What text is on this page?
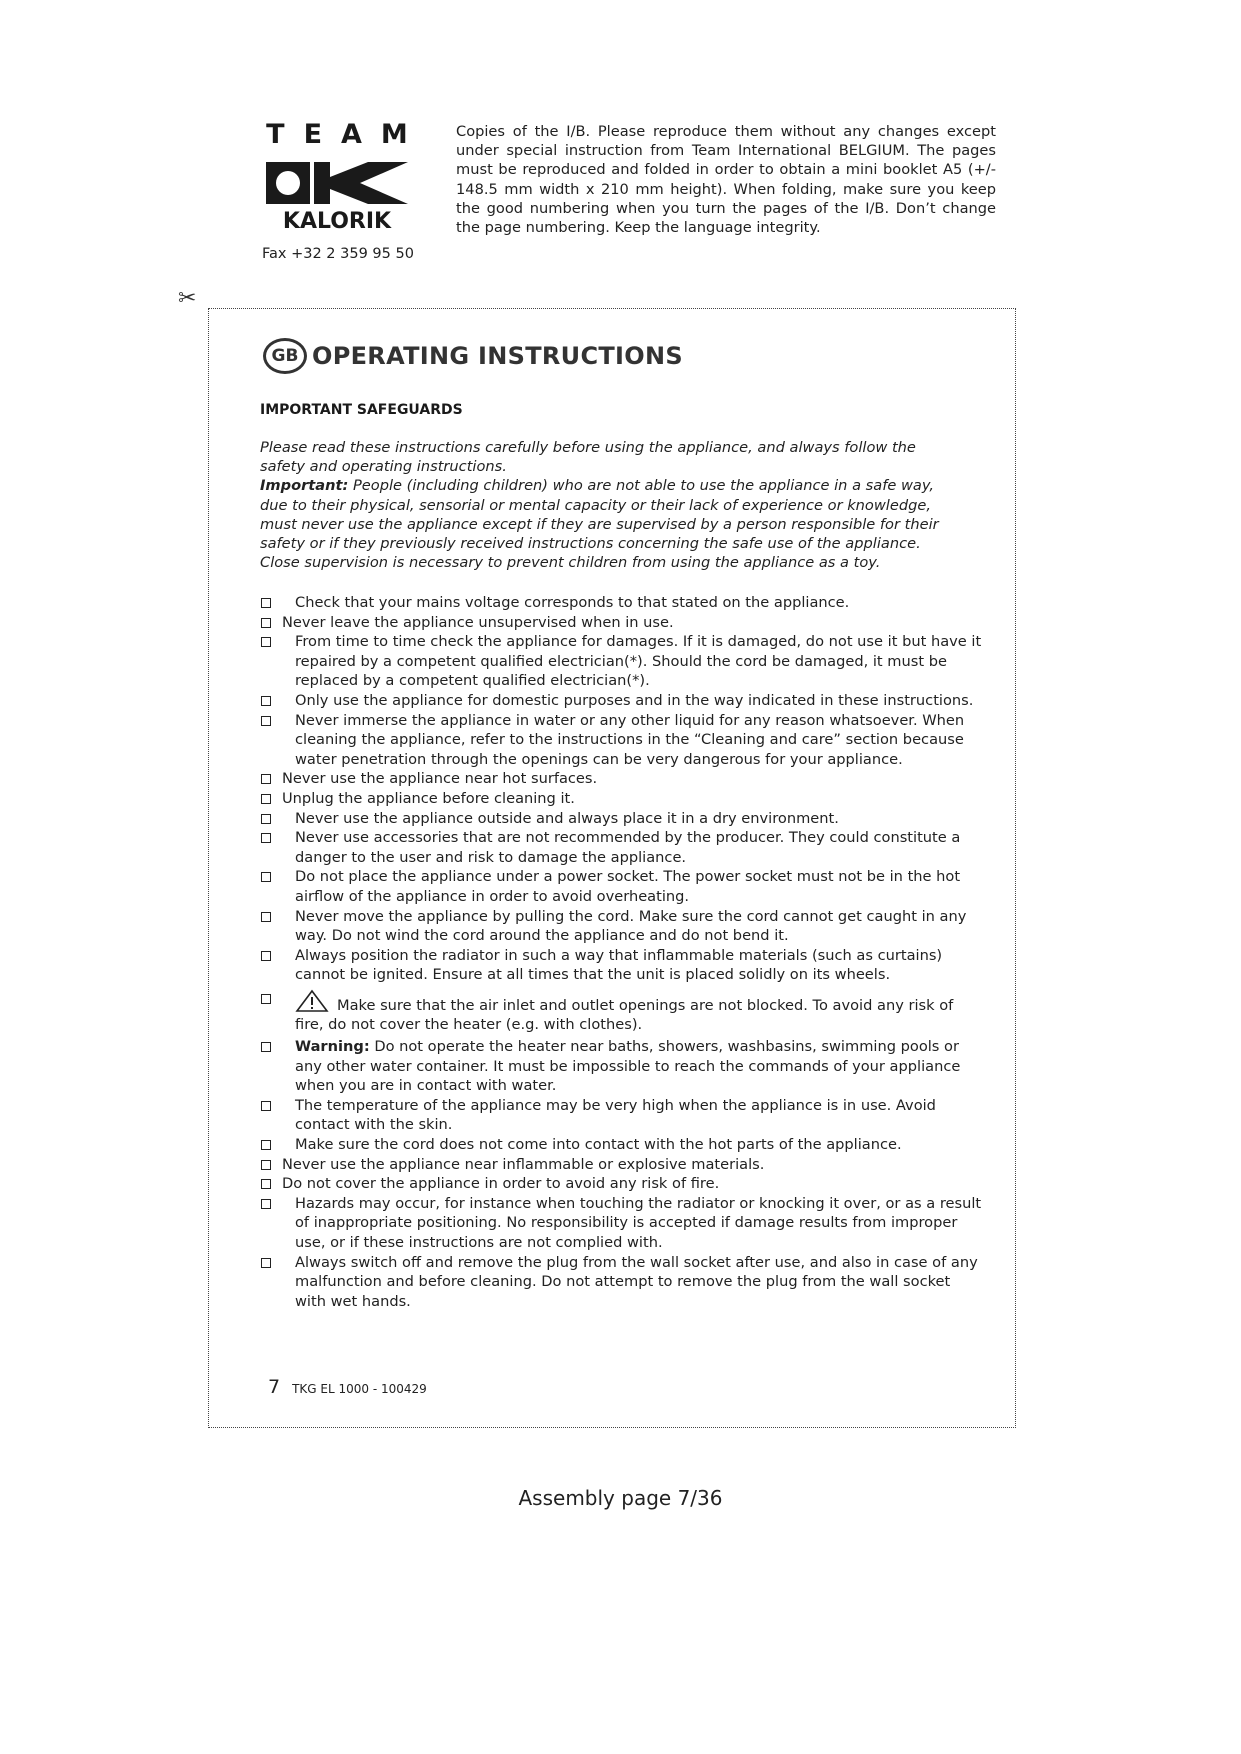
TEAM
KALORIK
Fax +32 2 359 95 50
Copies of the I/B. Please reproduce them without any changes except under special instruction from Team International BELGIUM. The pages must be reproduced and folded in order to obtain a mini booklet A5 (+/- 148.5 mm width x 210 mm height). When folding, make sure you keep the good numbering when you turn the pages of the I/B. Don’t change the page numbering. Keep the language integrity.
✂
GB OPERATING INSTRUCTIONS
IMPORTANT SAFEGUARDS

Please read these instructions carefully before using the appliance, and always follow the safety and operating instructions.

Important: People (including children) who are not able to use the appliance in a safe way, due to their physical, sensorial or mental capacity or their lack of experience or knowledge, must never use the appliance except if they are supervised by a person responsible for their safety or if they previously received instructions concerning the safe use of the appliance. Close supervision is necessary to prevent children from using the appliance as a toy.

Check that your mains voltage corresponds to that stated on the appliance.
Never leave the appliance unsupervised when in use.
From time to time check the appliance for damages. If it is damaged, do not use it but have it repaired by a competent qualified electrician(*). Should the cord be damaged, it must be replaced by a competent qualified electrician(*).
Only use the appliance for domestic purposes and in the way indicated in these instructions.
Never immerse the appliance in water or any other liquid for any reason whatsoever. When cleaning the appliance, refer to the instructions in the “Cleaning and care” section because water penetration through the openings can be very dangerous for your appliance.
Never use the appliance near hot surfaces.
Unplug the appliance before cleaning it.
Never use the appliance outside and always place it in a dry environment.
Never use accessories that are not recommended by the producer. They could constitute a danger to the user and risk to damage the appliance.
Do not place the appliance under a power socket. The power socket must not be in the hot airflow of the appliance in order to avoid overheating.
Never move the appliance by pulling the cord. Make sure the cord cannot get caught in any way. Do not wind the cord around the appliance and do not bend it.
Always position the radiator in such a way that inflammable materials (such as curtains) cannot be ignited. Ensure at all times that the unit is placed solidly on its wheels.
Make sure that the air inlet and outlet openings are not blocked. To avoid any risk of fire, do not cover the heater (e.g. with clothes).
Warning: Do not operate the heater near baths, showers, washbasins, swimming pools or any other water container. It must be impossible to reach the commands of your appliance when you are in contact with water.
The temperature of the appliance may be very high when the appliance is in use. Avoid contact with the skin.
Make sure the cord does not come into contact with the hot parts of the appliance.
Never use the appliance near inflammable or explosive materials.
Do not cover the appliance in order to avoid any risk of fire.
Hazards may occur, for instance when touching the radiator or knocking it over, or as a result of inappropriate positioning. No responsibility is accepted if damage results from improper use, or if these instructions are not complied with.
Always switch off and remove the plug from the wall socket after use, and also in case of any malfunction and before cleaning. Do not attempt to remove the plug from the wall socket with wet hands.
7 TKG EL 1000 - 100429
Assembly page 7/36
